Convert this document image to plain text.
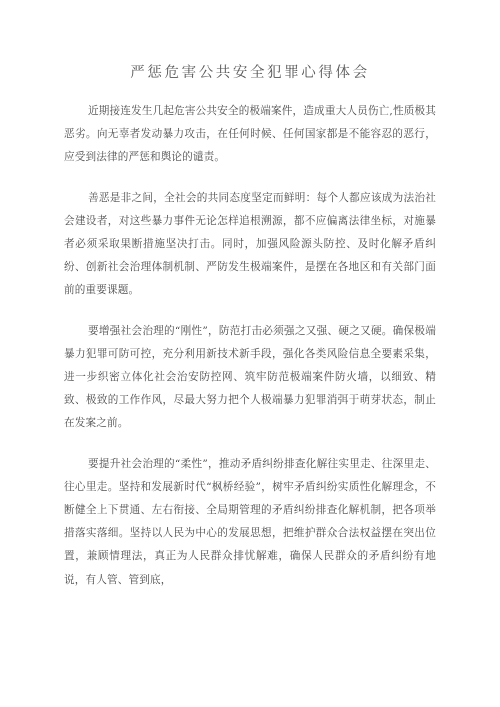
严惩危害公共安全犯罪心得体会

近期接连发生几起危害公共安全的极端案件，造成重大人员伤亡,性质极其恶劣。向无辜者发动暴力攻击，在任何时候、任何国家都是不能容忍的恶行，应受到法律的严惩和舆论的谴责。

善恶是非之间，全社会的共同态度坚定而鲜明：每个人都应该成为法治社会建设者，对这些暴力事件无论怎样追根溯源，都不应偏离法律坐标，对施暴者必须采取果断措施坚决打击。同时，加强风险源头防控、及时化解矛盾纠纷、创新社会治理体制机制、严防发生极端案件，是摆在各地区和有关部门面前的重要课题。

要增强社会治理的“刚性”，防范打击必须强之又强、硬之又硬。确保极端暴力犯罪可防可控，充分利用新技术新手段，强化各类风险信息全要素采集，进一步织密立体化社会治安防控网、筑牢防范极端案件防火墙，以细致、精致、极致的工作作风，尽最大努力把个人极端暴力犯罪消弭于萌芽状态，制止在发案之前。

要提升社会治理的“柔性”，推动矛盾纠纷排查化解往实里走、往深里走、往心里走。坚持和发展新时代“枫桥经验”，树牢矛盾纠纷实质性化解理念，不断健全上下贯通、左右衔接、全局期管理的矛盾纠纷排查化解机制，把各项举措落实落细。坚持以人民为中心的发展思想，把维护群众合法权益摆在突出位置，兼顾情理法，真正为人民群众排忧解难，确保人民群众的矛盾纠纷有地说，有人管、管到底，
